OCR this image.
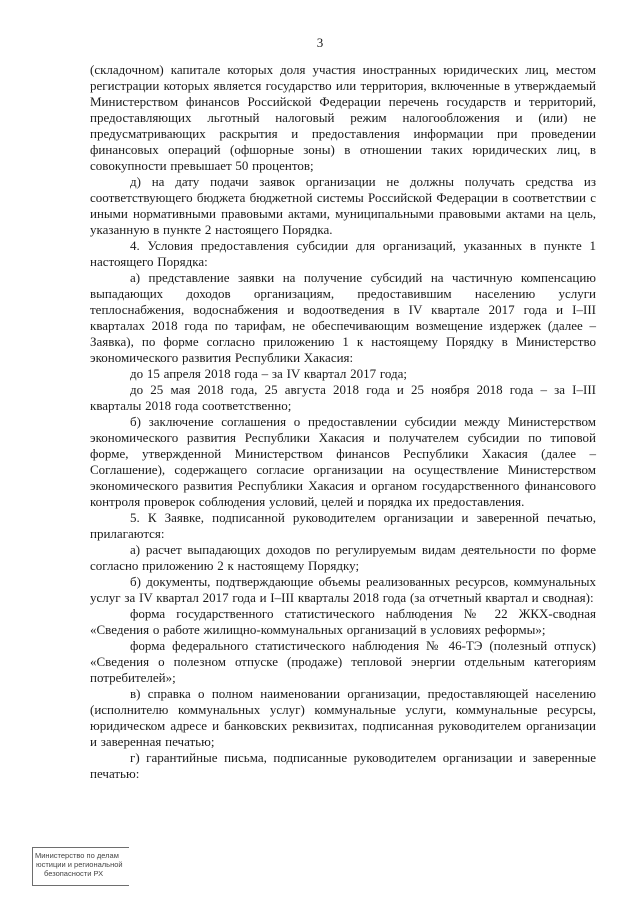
3

(складочном) капитале которых доля участия иностранных юридических лиц, местом регистрации которых является государство или территория, включенные в утверждаемый Министерством финансов Российской Федерации перечень государств и территорий, предоставляющих льготный налоговый режим налогообложения и (или) не предусматривающих раскрытия и предоставления информации при проведении финансовых операций (офшорные зоны) в отношении таких юридических лиц, в совокупности превышает 50 процентов;

д) на дату подачи заявок организации не должны получать средства из соответствующего бюджета бюджетной системы Российской Федерации в соответствии с иными нормативными правовыми актами, муниципальными правовыми актами на цель, указанную в пункте 2 настоящего Порядка.

4. Условия предоставления субсидии для организаций, указанных в пункте 1 настоящего Порядка:

а) представление заявки на получение субсидий на частичную компенсацию выпадающих доходов организациям, предоставившим населению услуги теплоснабжения, водоснабжения и водоотведения в IV квартале 2017 года и I–III кварталах 2018 года по тарифам, не обеспечивающим возмещение издержек (далее – Заявка), по форме согласно приложению 1 к настоящему Порядку в Министерство экономического развития Республики Хакасия:

до 15 апреля 2018 года – за IV квартал 2017 года;

до 25 мая 2018 года, 25 августа 2018 года и 25 ноября 2018 года – за I–III кварталы 2018 года соответственно;

б) заключение соглашения о предоставлении субсидии между Министерством экономического развития Республики Хакасия и получателем субсидии по типовой форме, утвержденной Министерством финансов Республики Хакасия (далее – Соглашение), содержащего согласие организации на осуществление Министерством экономического развития Республики Хакасия и органом государственного финансового контроля проверок соблюдения условий, целей и порядка их предоставления.

5. К Заявке, подписанной руководителем организации и заверенной печатью, прилагаются:

а) расчет выпадающих доходов по регулируемым видам деятельности по форме согласно приложению 2 к настоящему Порядку;

б) документы, подтверждающие объемы реализованных ресурсов, коммунальных услуг за IV квартал 2017 года и I–III кварталы 2018 года (за отчетный квартал и сводная):

форма государственного статистического наблюдения № 22 ЖКХ-сводная «Сведения о работе жилищно-коммунальных организаций в условиях реформы»;

форма федерального статистического наблюдения № 46-ТЭ (полезный отпуск) «Сведения о полезном отпуске (продаже) тепловой энергии отдельным категориям потребителей»;

в) справка о полном наименовании организации, предоставляющей населению (исполнителю коммунальных услуг) коммунальные услуги, коммунальные ресурсы, юридическом адресе и банковских реквизитах, подписанная руководителем организации и заверенная печатью;

г) гарантийные письма, подписанные руководителем организации и заверенные печатью:

Министерство по делам
юстиции и региональной
безопасности РХ
